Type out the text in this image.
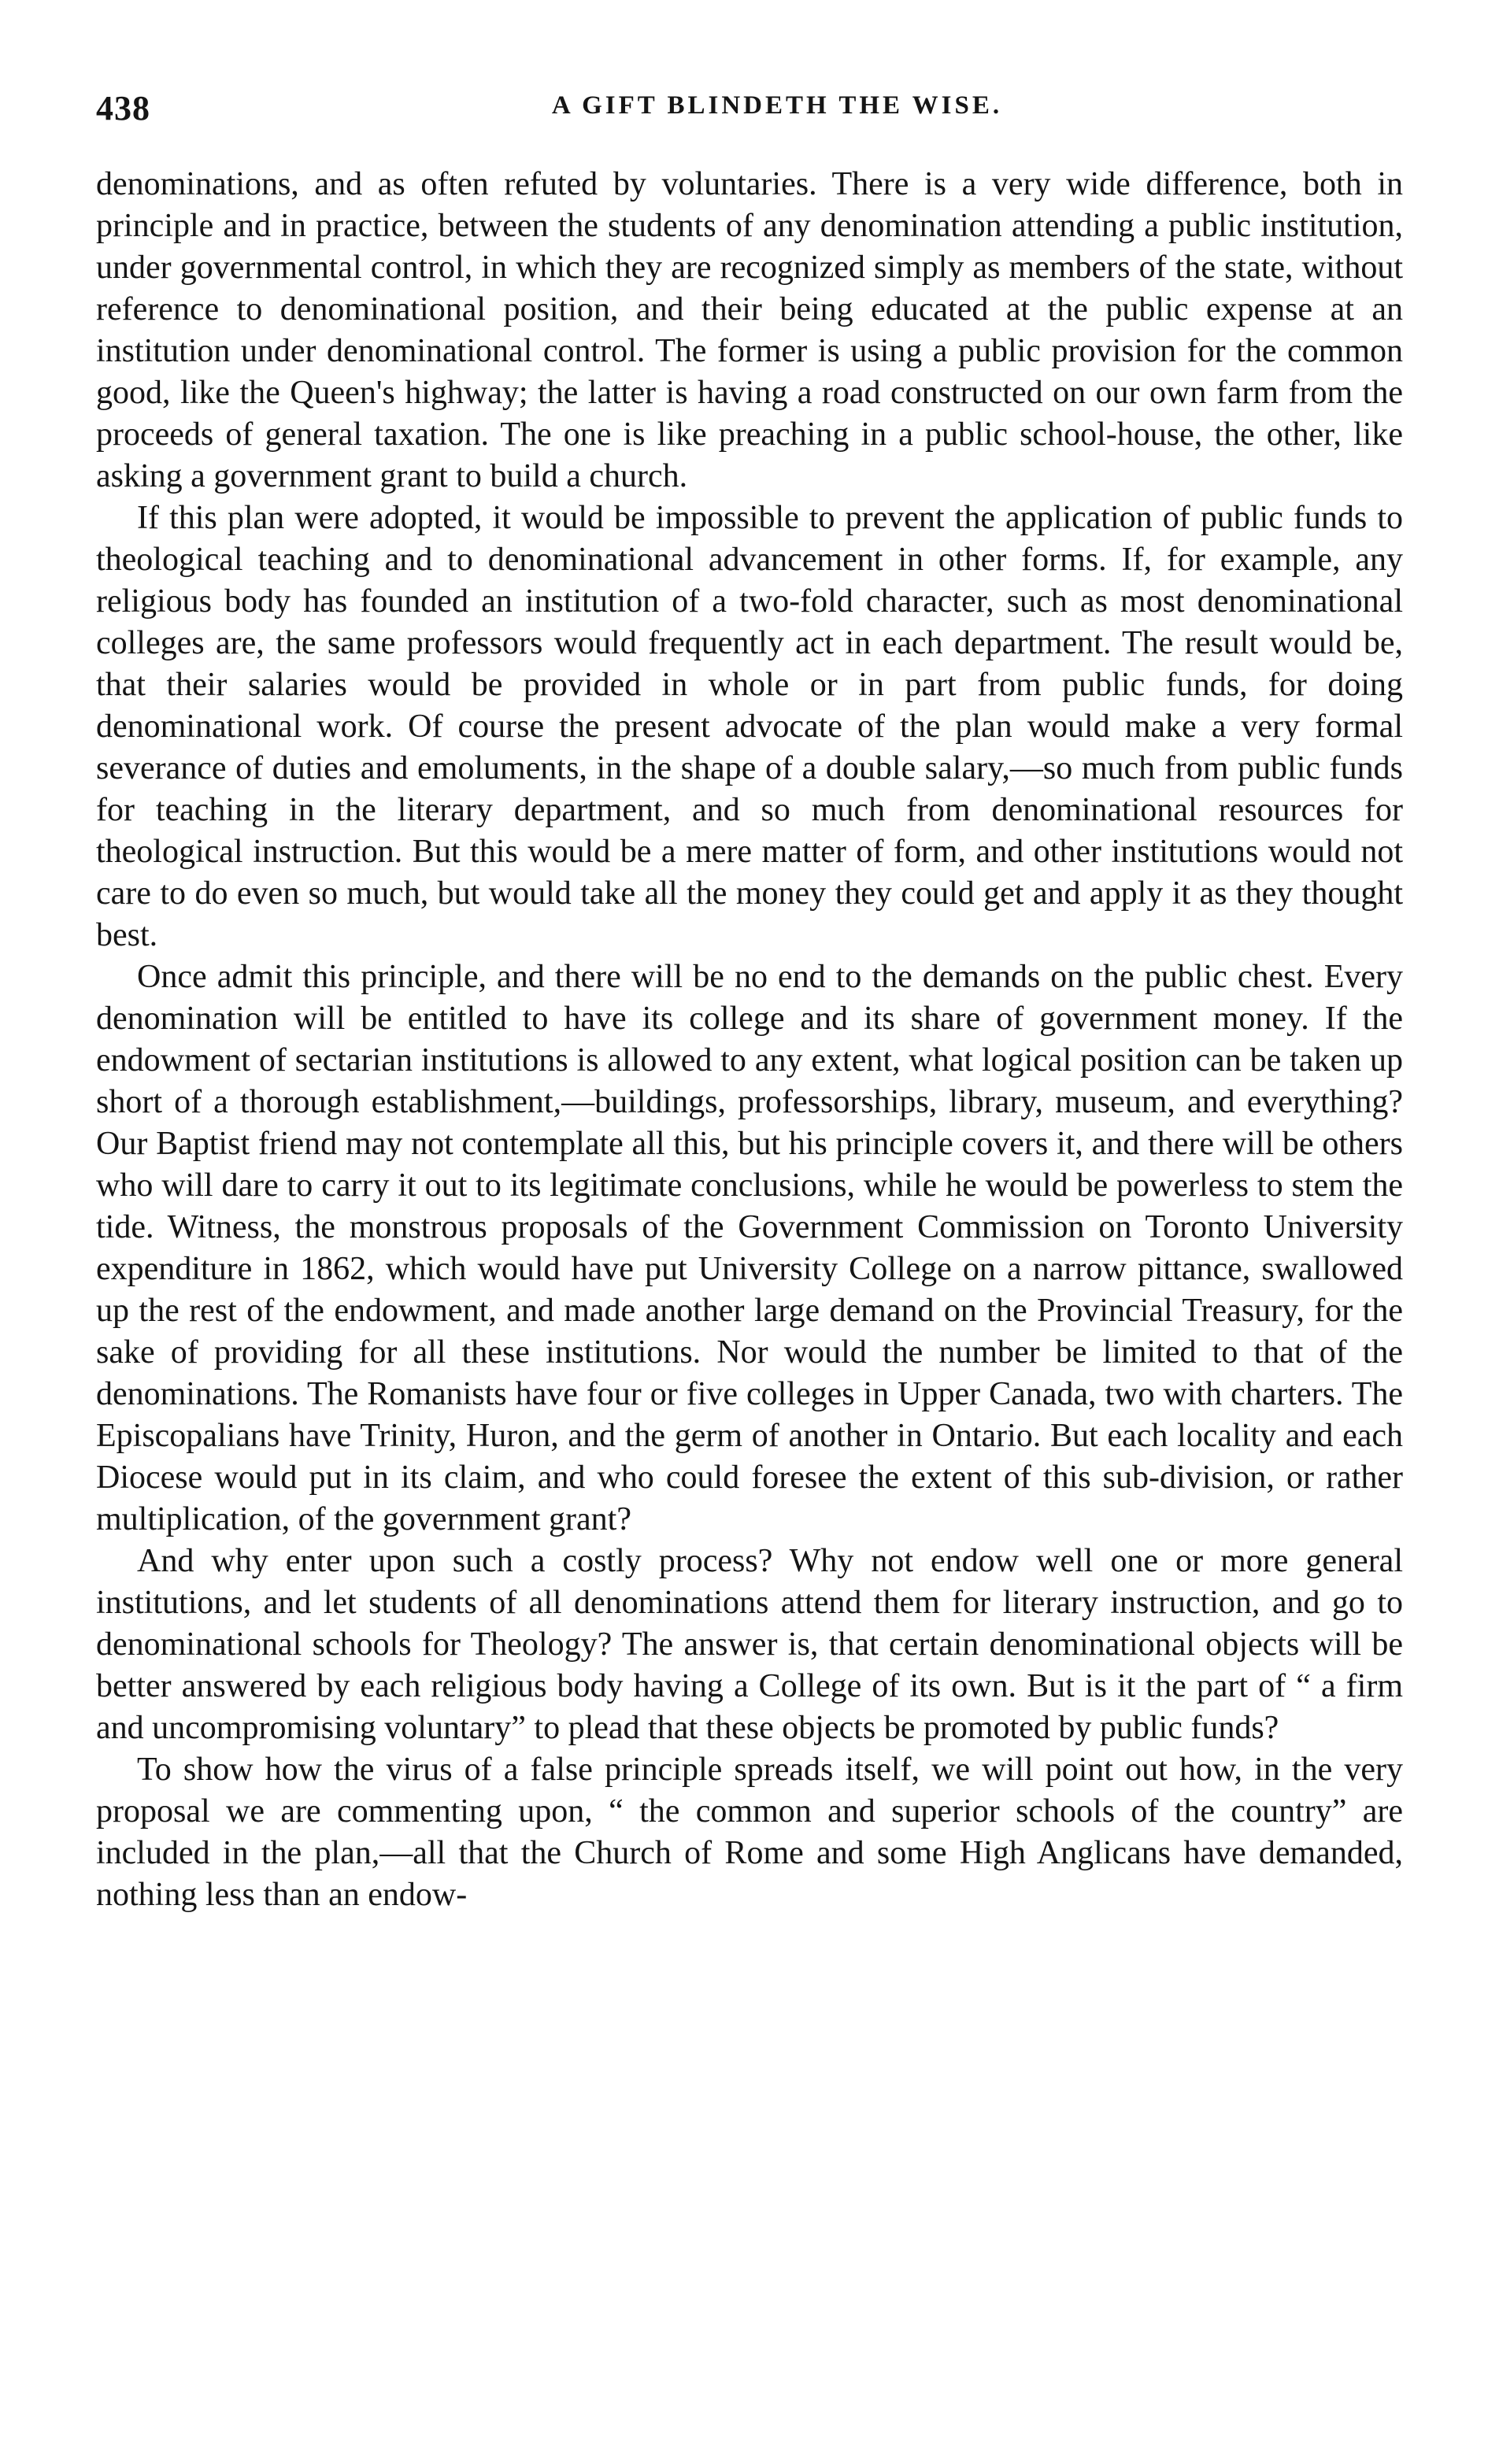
438	A GIFT BLINDETH THE WISE.

denominations, and as often refuted by voluntaries. There is a very wide difference, both in principle and in practice, between the students of any denomination attending a public institution, under governmental control, in which they are recognized simply as members of the state, without reference to denominational position, and their being educated at the public expense at an institution under denominational control. The former is using a public provision for the common good, like the Queen's highway; the latter is having a road constructed on our own farm from the proceeds of general taxation. The one is like preaching in a public school-house, the other, like asking a government grant to build a church.

If this plan were adopted, it would be impossible to prevent the application of public funds to theological teaching and to denominational advancement in other forms. If, for example, any religious body has founded an institution of a two-fold character, such as most denominational colleges are, the same professors would frequently act in each department. The result would be, that their salaries would be provided in whole or in part from public funds, for doing denominational work. Of course the present advocate of the plan would make a very formal severance of duties and emoluments, in the shape of a double salary,—so much from public funds for teaching in the literary department, and so much from denominational resources for theological instruction. But this would be a mere matter of form, and other institutions would not care to do even so much, but would take all the money they could get and apply it as they thought best.

Once admit this principle, and there will be no end to the demands on the public chest. Every denomination will be entitled to have its college and its share of government money. If the endowment of sectarian institutions is allowed to any extent, what logical position can be taken up short of a thorough establishment,—buildings, professorships, library, museum, and everything? Our Baptist friend may not contemplate all this, but his principle covers it, and there will be others who will dare to carry it out to its legitimate conclusions, while he would be powerless to stem the tide. Witness, the monstrous proposals of the Government Commission on Toronto University expenditure in 1862, which would have put University College on a narrow pittance, swallowed up the rest of the endowment, and made another large demand on the Provincial Treasury, for the sake of providing for all these institutions. Nor would the number be limited to that of the denominations. The Romanists have four or five colleges in Upper Canada, two with charters. The Episcopalians have Trinity, Huron, and the germ of another in Ontario. But each locality and each Diocese would put in its claim, and who could foresee the extent of this sub-division, or rather multiplication, of the government grant?

And why enter upon such a costly process? Why not endow well one or more general institutions, and let students of all denominations attend them for literary instruction, and go to denominational schools for Theology? The answer is, that certain denominational objects will be better answered by each religious body having a College of its own. But is it the part of “ a firm and uncompromising voluntary” to plead that these objects be promoted by public funds?

To show how the virus of a false principle spreads itself, we will point out how, in the very proposal we are commenting upon, “ the common and superior schools of the country” are included in the plan,—all that the Church of Rome and some High Anglicans have demanded, nothing less than an endow-
